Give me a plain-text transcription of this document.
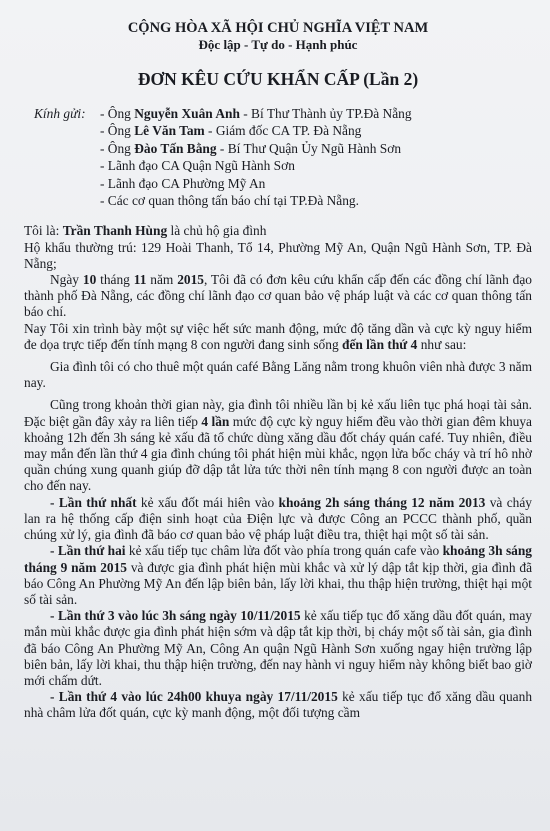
CỘNG HÒA XÃ HỘI CHỦ NGHĨA VIỆT NAM

Độc lập - Tự do - Hạnh phúc

ĐƠN KÊU CỨU KHẨN CẤP (Lần 2)

Kính gửi:	- Ông Nguyễn Xuân Anh - Bí Thư Thành ủy TP.Đà Nẵng
- Ông Lê Văn Tam - Giám đốc CA TP. Đà Nẵng
- Ông Đào Tấn Bằng - Bí Thư Quận Ủy Ngũ Hành Sơn
- Lãnh đạo CA Quận Ngũ Hành Sơn
- Lãnh đạo CA Phường Mỹ An
- Các cơ quan thông tấn báo chí tại TP.Đà Nẵng.

Tôi là: Trần Thanh Hùng là chủ hộ gia đình

Hộ khẩu thường trú: 129 Hoài Thanh, Tổ 14, Phường Mỹ An, Quận Ngũ Hành Sơn, TP. Đà Nẵng;

Ngày 10 tháng 11 năm 2015, Tôi đã có đơn kêu cứu khẩn cấp đến các đồng chí lãnh đạo thành phố Đà Nẵng, các đồng chí lãnh đạo cơ quan bảo vệ pháp luật và các cơ quan thông tấn báo chí.

Nay Tôi xin trình bày một sự việc hết sức manh động, mức độ tăng dần và cực kỳ nguy hiểm đe dọa trực tiếp đến tính mạng 8 con người đang sinh sống đến lần thứ 4 như sau:

Gia đình tôi có cho thuê một quán café Bằng Lăng nằm trong khuôn viên nhà được 3 năm nay.

Cũng trong khoản thời gian này, gia đình tôi nhiều lần bị kẻ xấu liên tục phá hoại tài sản. Đặc biệt gần đây xảy ra liên tiếp 4 lần mức độ cực kỳ nguy hiểm đều vào thời gian đêm khuya khoảng 12h đến 3h sáng kẻ xấu đã tổ chức dùng xăng dầu đốt cháy quán café. Tuy nhiên, điều may mắn đến lần thứ 4 gia đình chúng tôi phát hiện mùi khắc, ngọn lửa bốc cháy và trí hô nhờ quần chúng xung quanh giúp đỡ dập tắt lửa tức thời nên tính mạng 8 con người được an toàn cho đến nay.

- Lần thứ nhất kẻ xấu đốt mái hiên vào khoảng 2h sáng tháng 12 năm 2013 và cháy lan ra hệ thống cấp điện sinh hoạt của Điện lực và được Công an PCCC thành phố, quần chúng xử lý, gia đình đã báo cơ quan bảo vệ pháp luật điều tra, thiệt hại một số tài sản.

- Lần thứ hai kẻ xấu tiếp tục châm lửa đốt vào phía trong quán cafe vào khoảng 3h sáng tháng 9 năm 2015 và được gia đình phát hiện mùi khắc và xử lý dập tắt kịp thời, gia đình đã báo Công An Phường Mỹ An đến lập biên bản, lấy lời khai, thu thập hiện trường, thiệt hại một số tài sản.

- Lần thứ 3 vào lúc 3h sáng ngày 10/11/2015 kẻ xấu tiếp tục đổ xăng dầu đốt quán, may mắn mùi khắc được gia đình phát hiện sớm và dập tắt kịp thời, bị cháy một số tài sản, gia đình đã báo Công An Phường Mỹ An, Công An quận Ngũ Hành Sơn xuống ngay hiện trường lập biên bản, lấy lời khai, thu thập hiện trường, đến nay hành vi nguy hiểm này không biết bao giờ mới chấm dứt.

- Lần thứ 4 vào lúc 24h00 khuya ngày 17/11/2015 kẻ xấu tiếp tục đổ xăng dầu quanh nhà châm lửa đốt quán, cực kỳ manh động, một đối tượng cầm
